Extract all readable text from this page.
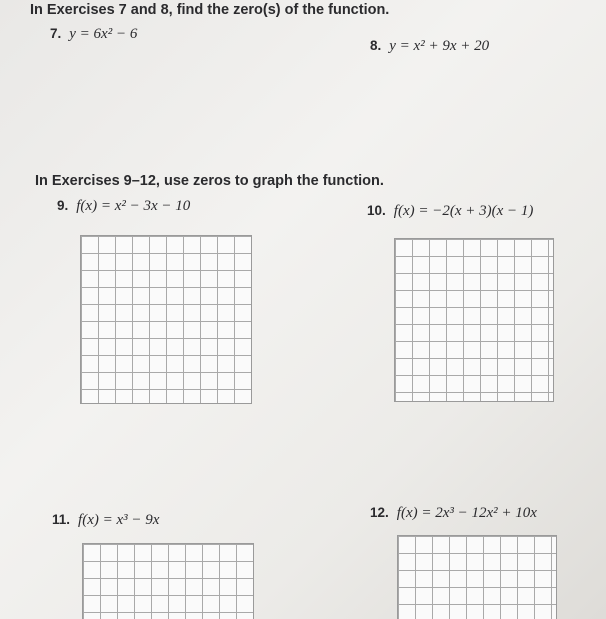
In Exercises 7 and 8, find the zero(s) of the function.
7. y = 6x² − 6
8. y = x² + 9x + 20
In Exercises 9–12, use zeros to graph the function.
9. f(x) = x² − 3x − 10	10. f(x) = −2(x + 3)(x − 1)
11. f(x) = x³ − 9x	12. f(x) = 2x³ − 12x² + 10x
